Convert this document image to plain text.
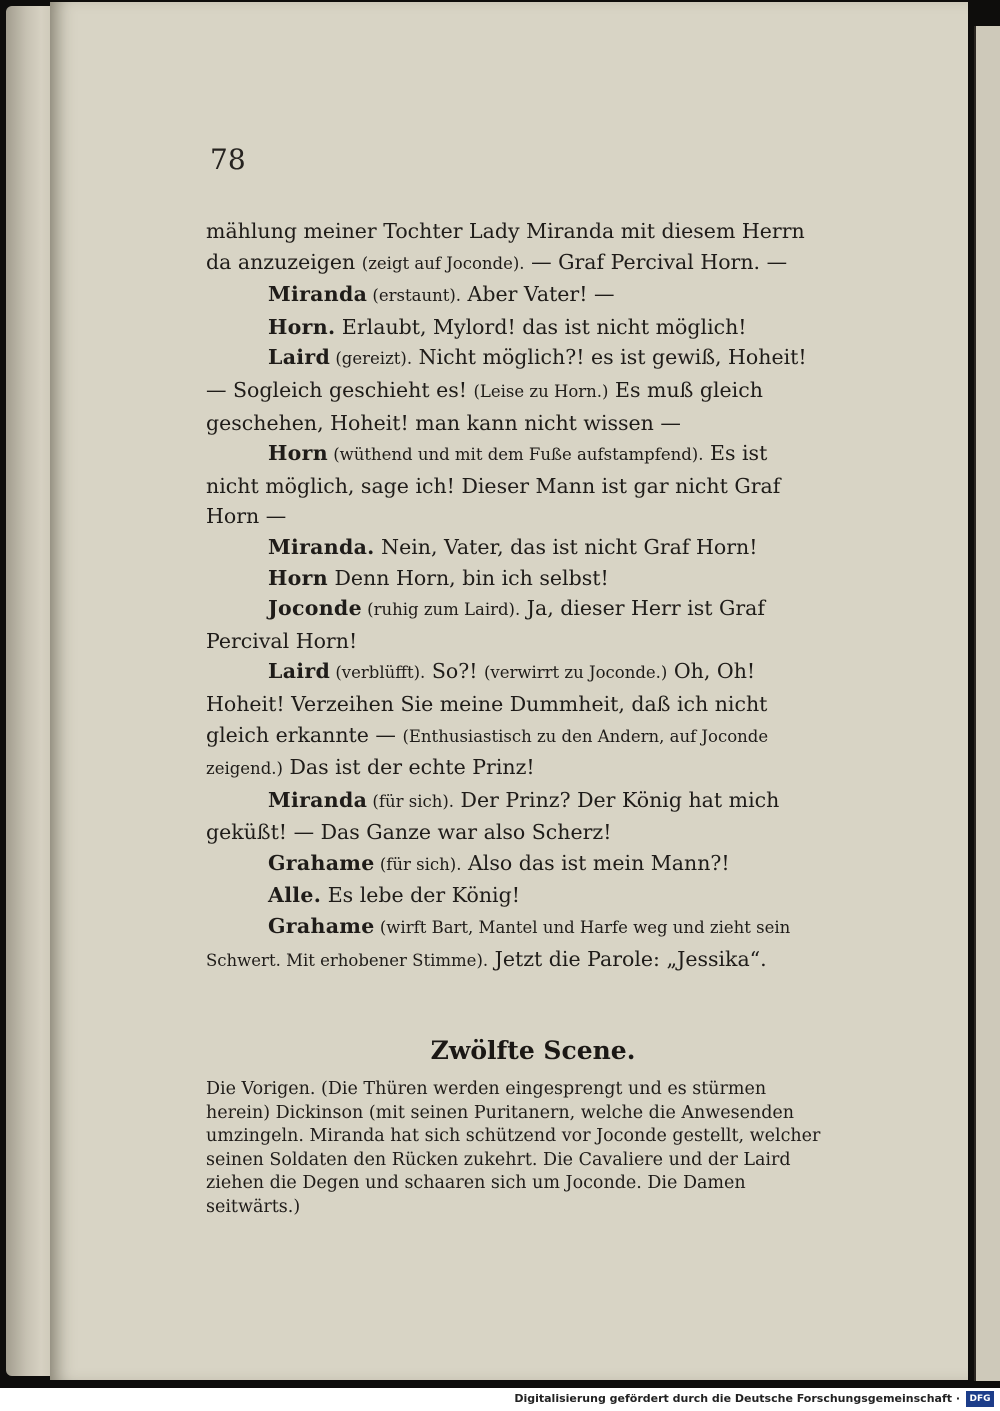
78

mählung meiner Tochter Lady Miranda mit diesem Herrn

da anzuzeigen (zeigt auf Joconde). — Graf Percival Horn. —

Miranda (erstaunt). Aber Vater! —

Horn. Erlaubt, Mylord! das ist nicht möglich!

Laird (gereizt). Nicht möglich?! es ist gewiß, Hoheit!

— Sogleich geschieht es! (Leise zu Horn.) Es muß gleich

geschehen, Hoheit! man kann nicht wissen —

Horn (wüthend und mit dem Fuße aufstampfend). Es ist

nicht möglich, sage ich! Dieser Mann ist gar nicht Graf

Horn —

Miranda. Nein, Vater, das ist nicht Graf Horn!

Horn Denn Horn, bin ich selbst!

Joconde (ruhig zum Laird). Ja, dieser Herr ist Graf

Percival Horn!

Laird (verblüfft). So?! (verwirrt zu Joconde.) Oh, Oh!

Hoheit! Verzeihen Sie meine Dummheit, daß ich nicht

gleich erkannte — (Enthusiastisch zu den Andern, auf Joconde

zeigend.) Das ist der echte Prinz!

Miranda (für sich). Der Prinz? Der König hat mich

geküßt! — Das Ganze war also Scherz!

Grahame (für sich). Also das ist mein Mann?!

Alle. Es lebe der König!

Grahame (wirft Bart, Mantel und Harfe weg und zieht sein

Schwert. Mit erhobener Stimme). Jetzt die Parole: „Jessika“.

Zwölfte Scene.

Die Vorigen. (Die Thüren werden eingesprengt und es stürmen

herein) Dickinson (mit seinen Puritanern, welche die Anwesenden

umzingeln. Miranda hat sich schützend vor Joconde gestellt, welcher

seinen Soldaten den Rücken zukehrt. Die Cavaliere und der Laird

ziehen die Degen und schaaren sich um Joconde. Die Damen

seitwärts.)

Digitalisierung gefördert durch die Deutsche Forschungsgemeinschaft ·	DFG
